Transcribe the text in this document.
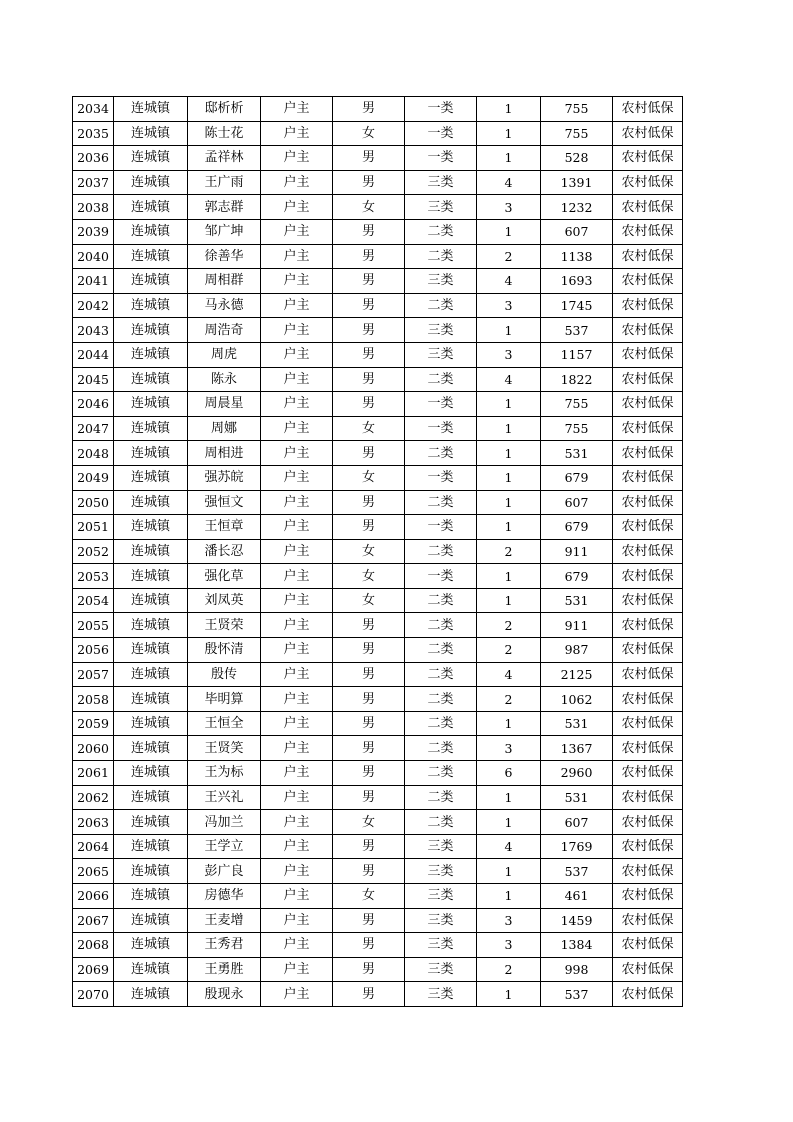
2034	连城镇	邸析析	户主	男	一类	1	755	农村低保
2035	连城镇	陈士花	户主	女	一类	1	755	农村低保
2036	连城镇	孟祥林	户主	男	一类	1	528	农村低保
2037	连城镇	王广雨	户主	男	三类	4	1391	农村低保
2038	连城镇	郭志群	户主	女	三类	3	1232	农村低保
2039	连城镇	邹广坤	户主	男	二类	1	607	农村低保
2040	连城镇	徐善华	户主	男	二类	2	1138	农村低保
2041	连城镇	周相群	户主	男	三类	4	1693	农村低保
2042	连城镇	马永德	户主	男	二类	3	1745	农村低保
2043	连城镇	周浩奇	户主	男	三类	1	537	农村低保
2044	连城镇	周虎	户主	男	三类	3	1157	农村低保
2045	连城镇	陈永	户主	男	二类	4	1822	农村低保
2046	连城镇	周晨星	户主	男	一类	1	755	农村低保
2047	连城镇	周娜	户主	女	一类	1	755	农村低保
2048	连城镇	周相进	户主	男	二类	1	531	农村低保
2049	连城镇	强苏皖	户主	女	一类	1	679	农村低保
2050	连城镇	强恒文	户主	男	二类	1	607	农村低保
2051	连城镇	王恒章	户主	男	一类	1	679	农村低保
2052	连城镇	潘长忍	户主	女	二类	2	911	农村低保
2053	连城镇	强化草	户主	女	一类	1	679	农村低保
2054	连城镇	刘凤英	户主	女	二类	1	531	农村低保
2055	连城镇	王贤荣	户主	男	二类	2	911	农村低保
2056	连城镇	殷怀清	户主	男	二类	2	987	农村低保
2057	连城镇	殷传	户主	男	二类	4	2125	农村低保
2058	连城镇	毕明算	户主	男	二类	2	1062	农村低保
2059	连城镇	王恒全	户主	男	二类	1	531	农村低保
2060	连城镇	王贤笑	户主	男	二类	3	1367	农村低保
2061	连城镇	王为标	户主	男	二类	6	2960	农村低保
2062	连城镇	王兴礼	户主	男	二类	1	531	农村低保
2063	连城镇	冯加兰	户主	女	二类	1	607	农村低保
2064	连城镇	王学立	户主	男	三类	4	1769	农村低保
2065	连城镇	彭广良	户主	男	三类	1	537	农村低保
2066	连城镇	房德华	户主	女	三类	1	461	农村低保
2067	连城镇	王麦增	户主	男	三类	3	1459	农村低保
2068	连城镇	王秀君	户主	男	三类	3	1384	农村低保
2069	连城镇	王勇胜	户主	男	三类	2	998	农村低保
2070	连城镇	殷现永	户主	男	三类	1	537	农村低保
